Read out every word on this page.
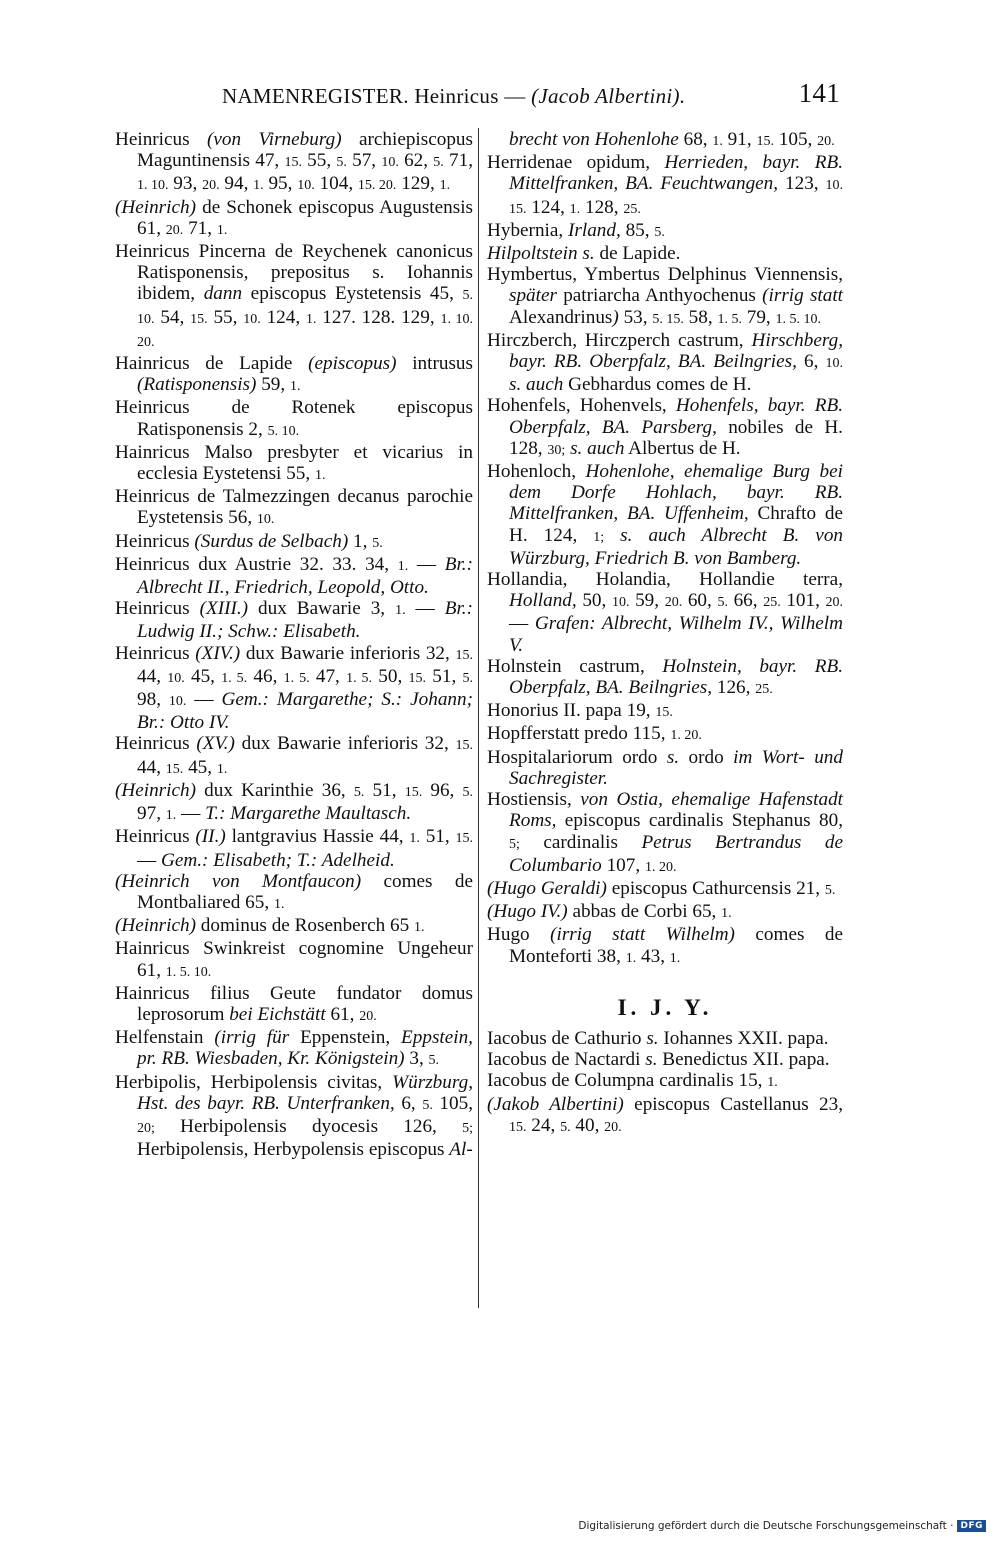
NAMENREGISTER. Heinricus — (Jacob Albertini).	141

Heinricus (von Virneburg) archiepiscopus Maguntinensis 47, 15. 55, 5. 57, 10. 62, 5. 71, 1. 10. 93, 20. 94, 1. 95, 10. 104, 15. 20. 129, 1.

(Heinrich) de Schonek episcopus Augustensis 61, 20. 71, 1.

Heinricus Pincerna de Reychenek canonicus Ratisponensis, prepositus s. Iohannis ibidem, dann episcopus Eystetensis 45, 5. 10. 54, 15. 55, 10. 124, 1. 127. 128. 129, 1. 10. 20.

Hainricus de Lapide (episcopus) intrusus (Ratisponensis) 59, 1.

Heinricus de Rotenek episcopus Ratisponensis 2, 5. 10.

Hainricus Malso presbyter et vicarius in ecclesia Eystetensi 55, 1.

Heinricus de Talmezzingen decanus parochie Eystetensis 56, 10.

Heinricus (Surdus de Selbach) 1, 5.

Heinricus dux Austrie 32. 33. 34, 1. — Br.: Albrecht II., Friedrich, Leopold, Otto.

Heinricus (XIII.) dux Bawarie 3, 1. — Br.: Ludwig II.; Schw.: Elisabeth.

Heinricus (XIV.) dux Bawarie inferioris 32, 15. 44, 10. 45, 1. 5. 46, 1. 5. 47, 1. 5. 50, 15. 51, 5. 98, 10. — Gem.: Margarethe; S.: Johann; Br.: Otto IV.

Heinricus (XV.) dux Bawarie inferioris 32, 15. 44, 15. 45, 1.

(Heinrich) dux Karinthie 36, 5. 51, 15. 96, 5. 97, 1. — T.: Margarethe Maultasch.

Heinricus (II.) lantgravius Hassie 44, 1. 51, 15. — Gem.: Elisabeth; T.: Adelheid.

(Heinrich von Montfaucon) comes de Montbaliared 65, 1.

(Heinrich) dominus de Rosenberch 65 1.

Hainricus Swinkreist cognomine Ungeheur 61, 1. 5. 10.

Hainricus filius Geute fundator domus leprosorum bei Eichstätt 61, 20.

Helfenstain (irrig für Eppenstein, Eppstein, pr. RB. Wiesbaden, Kr. Königstein) 3, 5.

Herbipolis, Herbipolensis civitas, Würzburg, Hst. des bayr. RB. Unterfranken, 6, 5. 105, 20; Herbipolensis dyocesis 126, 5; Herbipolensis, Herbypolensis episcopus Al-

brecht von Hohenlohe 68, 1. 91, 15. 105, 20.

Herridenae opidum, Herrieden, bayr. RB. Mittelfranken, BA. Feuchtwangen, 123, 10. 15. 124, 1. 128, 25.

Hybernia, Irland, 85, 5.

Hilpoltstein s. de Lapide.

Hymbertus, Ymbertus Delphinus Viennensis, später patriarcha Anthyochenus (irrig statt Alexandrinus) 53, 5. 15. 58, 1. 5. 79, 1. 5. 10.

Hirczberch, Hirczperch castrum, Hirschberg, bayr. RB. Oberpfalz, BA. Beilngries, 6, 10. s. auch Gebhardus comes de H.

Hohenfels, Hohenvels, Hohenfels, bayr. RB. Oberpfalz, BA. Parsberg, nobiles de H. 128, 30; s. auch Albertus de H.

Hohenloch, Hohenlohe, ehemalige Burg bei dem Dorfe Hohlach, bayr. RB. Mittelfranken, BA. Uffenheim, Chrafto de H. 124, 1; s. auch Albrecht B. von Würzburg, Friedrich B. von Bamberg.

Hollandia, Holandia, Hollandie terra, Holland, 50, 10. 59, 20. 60, 5. 66, 25. 101, 20. — Grafen: Albrecht, Wilhelm IV., Wilhelm V.

Holnstein castrum, Holnstein, bayr. RB. Oberpfalz, BA. Beilngries, 126, 25.

Honorius II. papa 19, 15.

Hopfferstatt predo 115, 1. 20.

Hospitalariorum ordo s. ordo im Wort- und Sachregister.

Hostiensis, von Ostia, ehemalige Hafenstadt Roms, episcopus cardinalis Stephanus 80, 5; cardinalis Petrus Bertrandus de Columbario 107, 1. 20.

(Hugo Geraldi) episcopus Cathurcensis 21, 5.

(Hugo IV.) abbas de Corbi 65, 1.

Hugo (irrig statt Wilhelm) comes de Monteforti 38, 1. 43, 1.

I. J. Y.

Iacobus de Cathurio s. Iohannes XXII. papa.

Iacobus de Nactardi s. Benedictus XII. papa.

Iacobus de Columpna cardinalis 15, 1.

(Jakob Albertini) episcopus Castellanus 23, 15. 24, 5. 40, 20.

Digitalisierung gefördert durch die Deutsche Forschungsgemeinschaft · DFG
